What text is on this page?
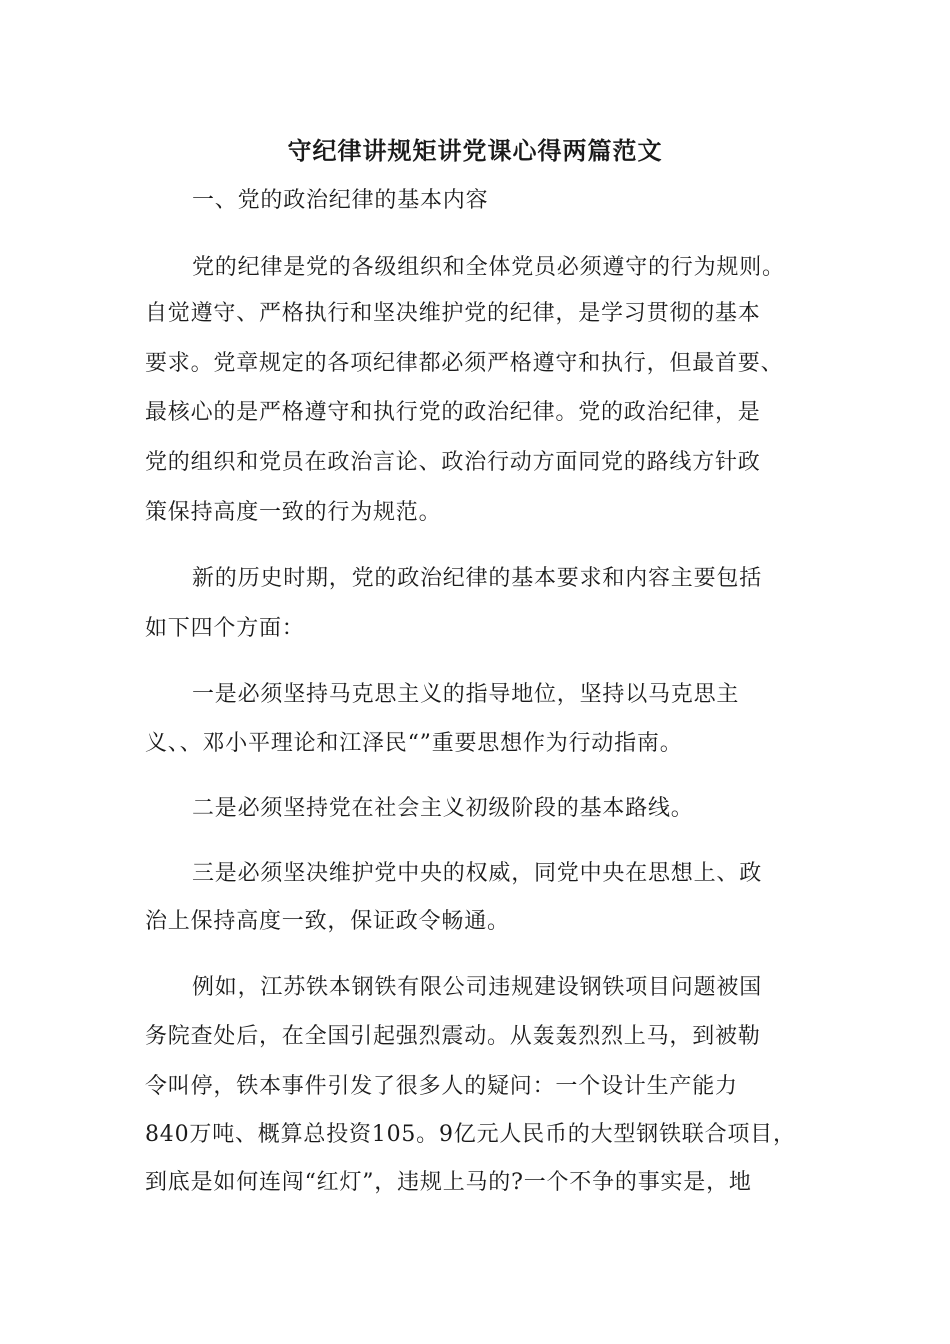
守纪律讲规矩讲党课心得两篇范文

一、党的政治纪律的基本内容

党的纪律是党的各级组织和全体党员必须遵守的行为规则。

自觉遵守、严格执行和坚决维护党的纪律，是学习贯彻的基本

要求。党章规定的各项纪律都必须严格遵守和执行，但最首要、

最核心的是严格遵守和执行党的政治纪律。党的政治纪律，是

党的组织和党员在政治言论、政治行动方面同党的路线方针政

策保持高度一致的行为规范。

新的历史时期，党的政治纪律的基本要求和内容主要包括

如下四个方面：

一是必须坚持马克思主义的指导地位，坚持以马克思主

义、、邓小平理论和江泽民“”重要思想作为行动指南。

二是必须坚持党在社会主义初级阶段的基本路线。

三是必须坚决维护党中央的权威，同党中央在思想上、政

治上保持高度一致，保证政令畅通。

例如，江苏铁本钢铁有限公司违规建设钢铁项目问题被国

务院查处后，在全国引起强烈震动。从轰轰烈烈上马，到被勒

令叫停，铁本事件引发了很多人的疑问：一个设计生产能力

840万吨、概算总投资105。9亿元人民币的大型钢铁联合项目，

到底是如何连闯“红灯”，违规上马的?一个不争的事实是，地
